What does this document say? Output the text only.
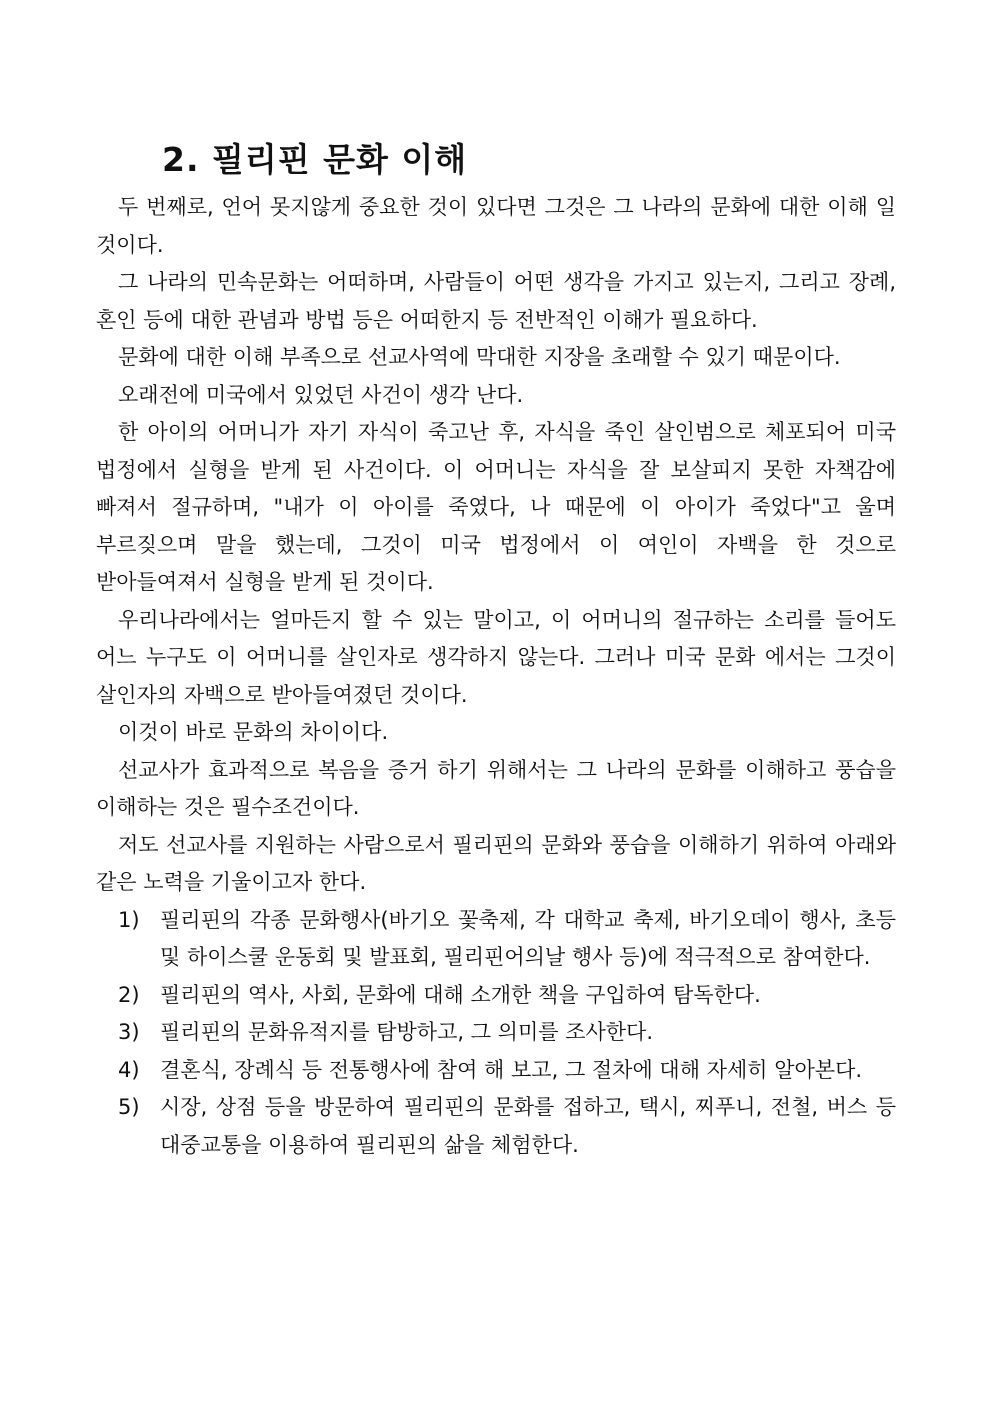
2. 필리핀 문화 이해

두 번째로, 언어 못지않게 중요한 것이 있다면 그것은 그 나라의 문화에 대한 이해 일 것이다.

그 나라의 민속문화는 어떠하며, 사람들이 어떤 생각을 가지고 있는지, 그리고 장례, 혼인 등에 대한 관념과 방법 등은 어떠한지 등 전반적인 이해가 필요하다.

문화에 대한 이해 부족으로 선교사역에 막대한 지장을 초래할 수 있기 때문이다.

오래전에 미국에서 있었던 사건이 생각 난다.

한 아이의 어머니가 자기 자식이 죽고난 후, 자식을 죽인 살인범으로 체포되어 미국 법정에서 실형을 받게 된 사건이다. 이 어머니는 자식을 잘 보살피지 못한 자책감에 빠져서 절규하며, "내가 이 아이를 죽였다, 나 때문에 이 아이가 죽었다"고 울며 부르짖으며 말을 했는데, 그것이 미국 법정에서 이 여인이 자백을 한 것으로 받아들여져서 실형을 받게 된 것이다.

우리나라에서는 얼마든지 할 수 있는 말이고, 이 어머니의 절규하는 소리를 들어도 어느 누구도 이 어머니를 살인자로 생각하지 않는다. 그러나 미국 문화 에서는 그것이 살인자의 자백으로 받아들여졌던 것이다.

이것이 바로 문화의 차이이다.

선교사가 효과적으로 복음을 증거 하기 위해서는 그 나라의 문화를 이해하고 풍습을 이해하는 것은 필수조건이다.

저도 선교사를 지원하는 사람으로서 필리핀의 문화와 풍습을 이해하기 위하여 아래와 같은 노력을 기울이고자 한다.

1) 필리핀의 각종 문화행사(바기오 꽃축제, 각 대학교 축제, 바기오데이 행사, 초등 및 하이스쿨 운동회 및 발표회, 필리핀어의날 행사 등)에 적극적으로 참여한다.
2) 필리핀의 역사, 사회, 문화에 대해 소개한 책을 구입하여 탐독한다.
3) 필리핀의 문화유적지를 탐방하고, 그 의미를 조사한다.
4) 결혼식, 장례식 등 전통행사에 참여 해 보고, 그 절차에 대해 자세히 알아본다.
5) 시장, 상점 등을 방문하여 필리핀의 문화를 접하고, 택시, 찌푸니, 전철, 버스 등 대중교통을 이용하여 필리핀의 삶을 체험한다.
